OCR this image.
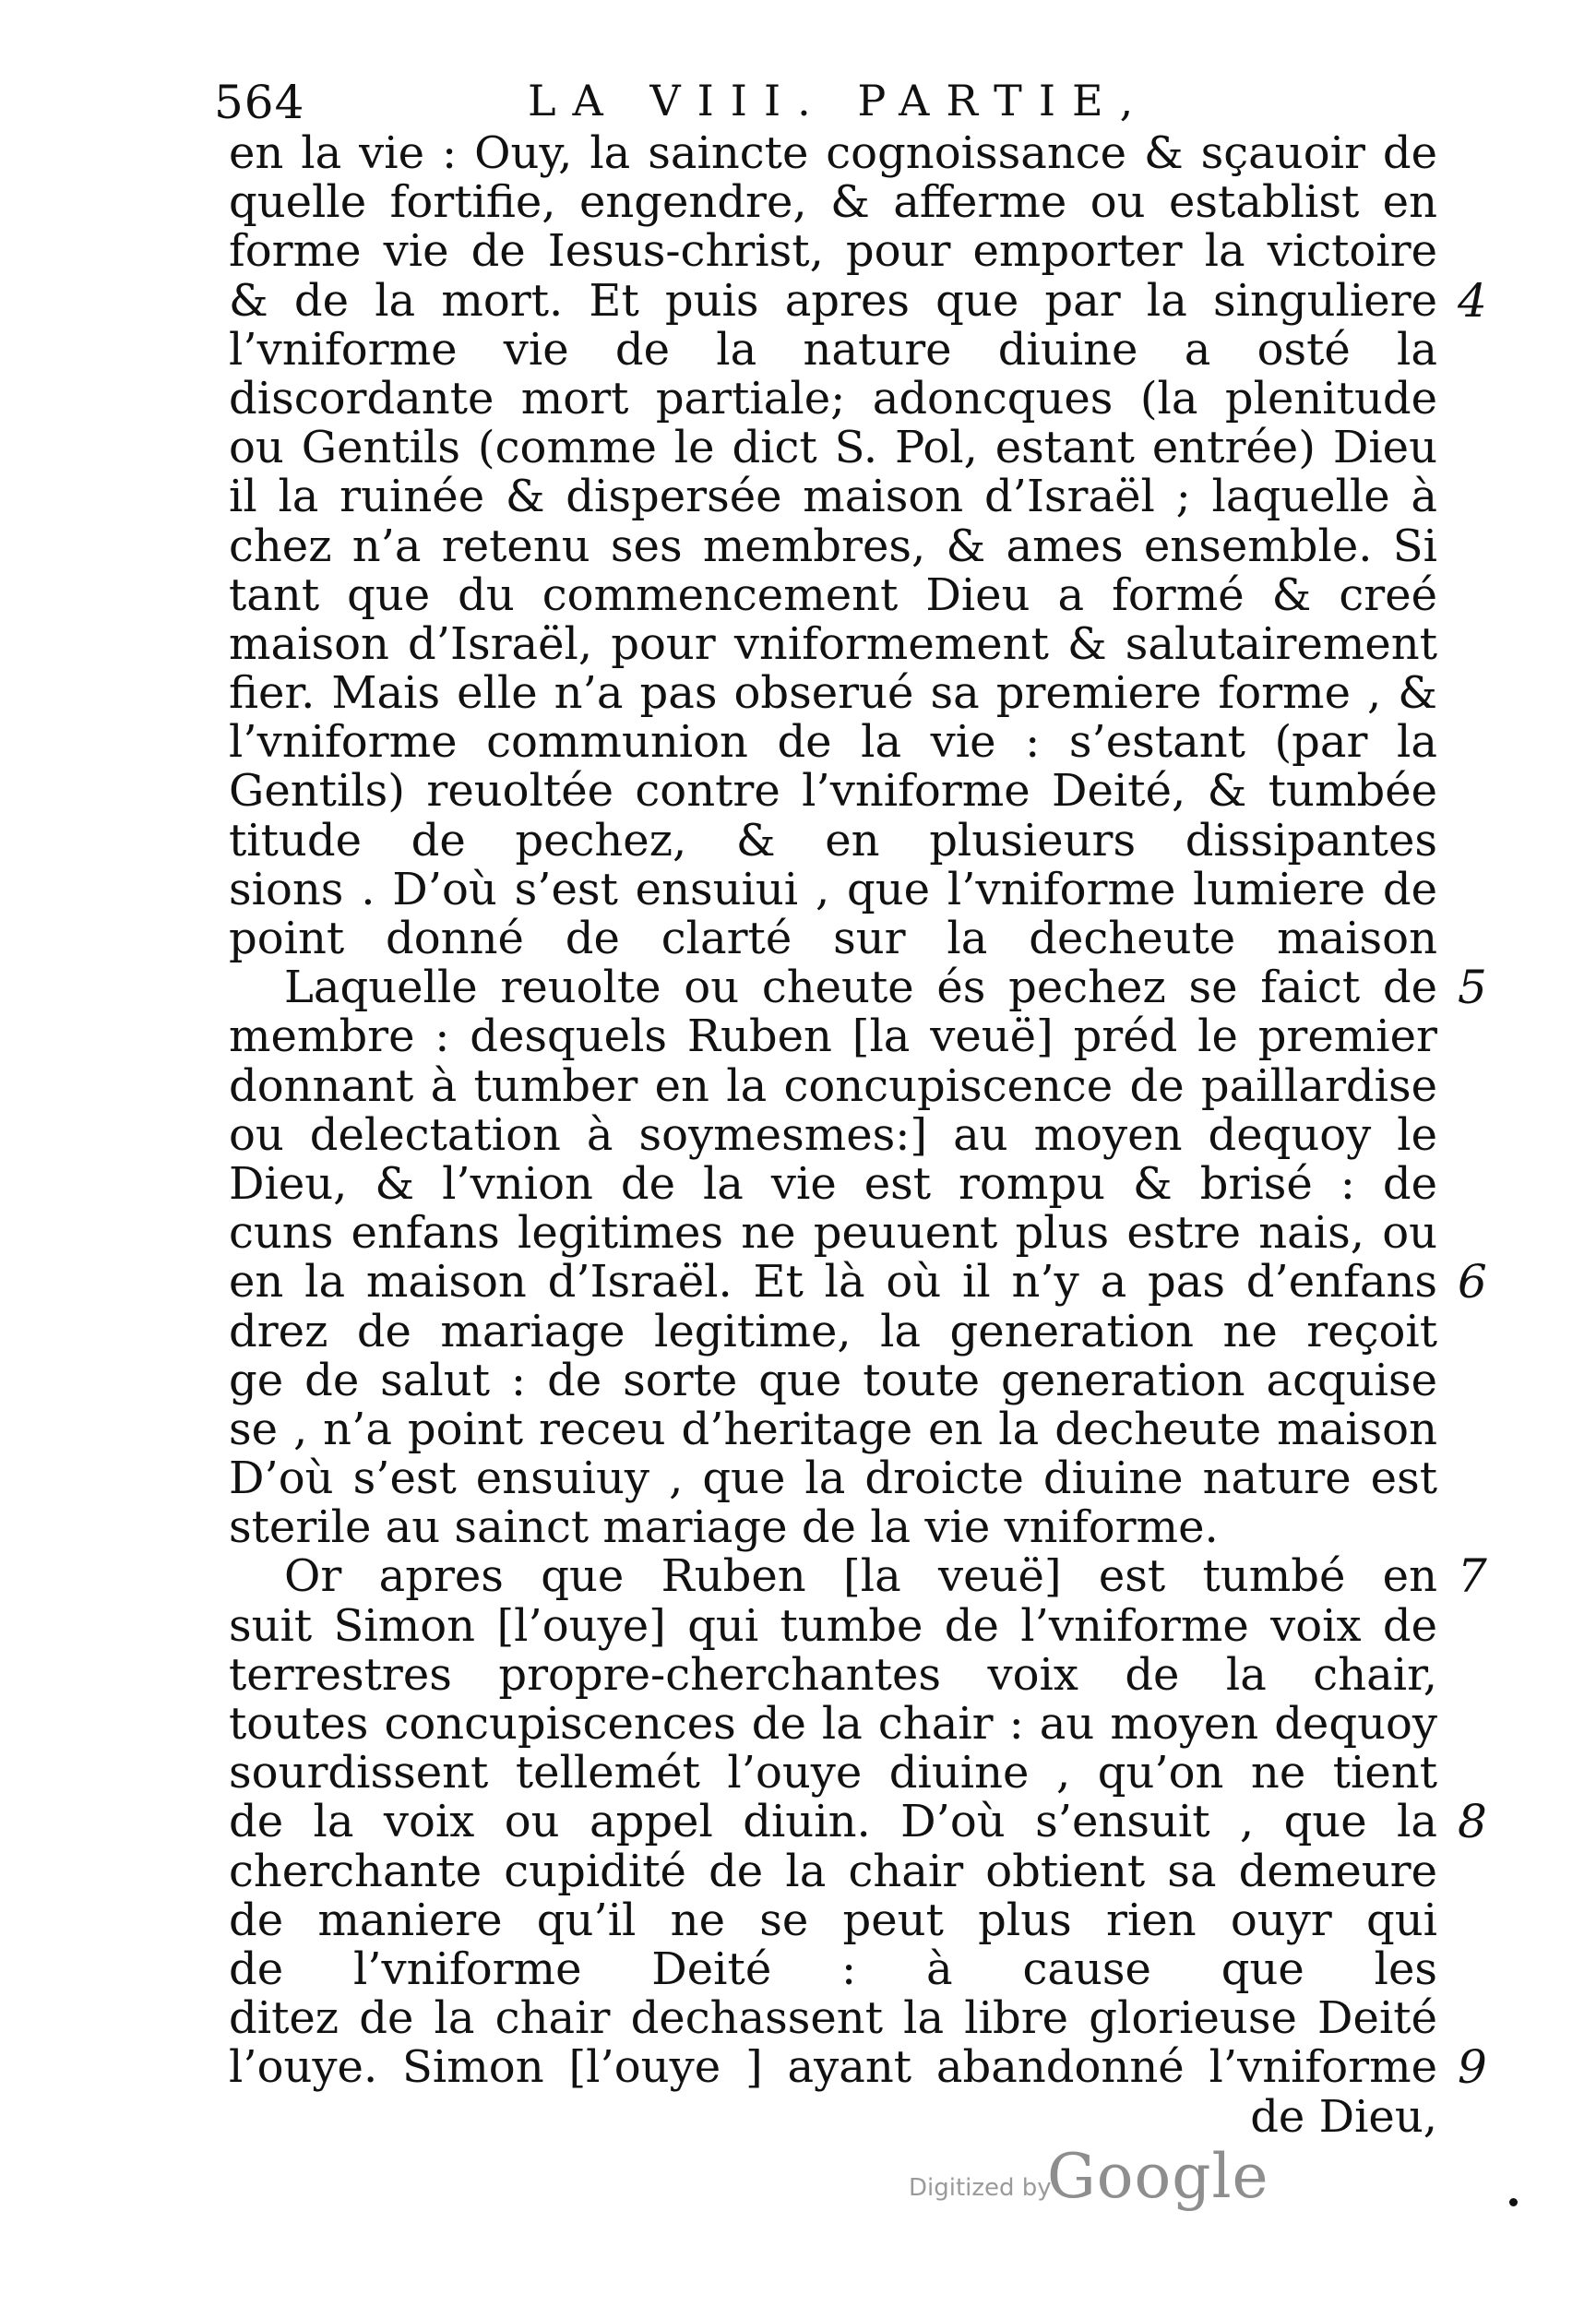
564	LA VIII. PARTIE,
en la vie : Ouy, la saincte cognoissance & sçauoir de
quelle fortifie, engendre, & afferme ou establist en
forme vie de Iesus-christ, pour emporter la victoire
& de la mort. Et puis apres que par la singuliere 4
l’vniforme vie de la nature diuine a osté la
discordante mort partiale; adoncques (la plenitude
ou Gentils (comme le dict S. Pol, estant entrée) Dieu
il la ruinée & dispersée maison d’Israël ; laquelle à
chez n’a retenu ses membres, & ames ensemble. Si
tant que du commencement Dieu a formé & creé
maison d’Israël, pour vniformement & salutairement
fier. Mais elle n’a pas obserué sa premiere forme , &
l’vniforme communion de la vie : s’estant (par la
Gentils) reuoltée contre l’vniforme Deité, & tumbée
titude de pechez, & en plusieurs dissipantes
sions . D’où s’est ensuiui , que l’vniforme lumiere de
point donné de clarté sur la decheute maison
Laquelle reuolte ou cheute és pechez se faict de 5
membre : desquels Ruben [la veuë] préd le premier
donnant à tumber en la concupiscence de paillardise
ou delectation à soymesmes:] au moyen dequoy le
Dieu, & l’vnion de la vie est rompu & brisé : de
cuns enfans legitimes ne peuuent plus estre nais, ou
en la maison d’Israël. Et là où il n’y a pas d’enfans 6
drez de mariage legitime, la generation ne reçoit
ge de salut : de sorte que toute generation acquise
se , n’a point receu d’heritage en la decheute maison
D’où s’est ensuiuy , que la droicte diuine nature est
sterile au sainct mariage de la vie vniforme.
Or apres que Ruben [la veuë] est tumbé en 7
suit Simon [l’ouye] qui tumbe de l’vniforme voix de
terrestres propre-cherchantes voix de la chair,
toutes concupiscences de la chair : au moyen dequoy
sourdissent tellemét l’ouye diuine , qu’on ne tient
de la voix ou appel diuin. D’où s’ensuit , que la 8
cherchante cupidité de la chair obtient sa demeure
de maniere qu’il ne se peut plus rien ouyr qui
de l’vniforme Deité : à cause que les
ditez de la chair dechassent la libre glorieuse Deité
l’ouye. Simon [l’ouye ] ayant abandonné l’vniforme 9
de Dieu,
Digitized by
Google
